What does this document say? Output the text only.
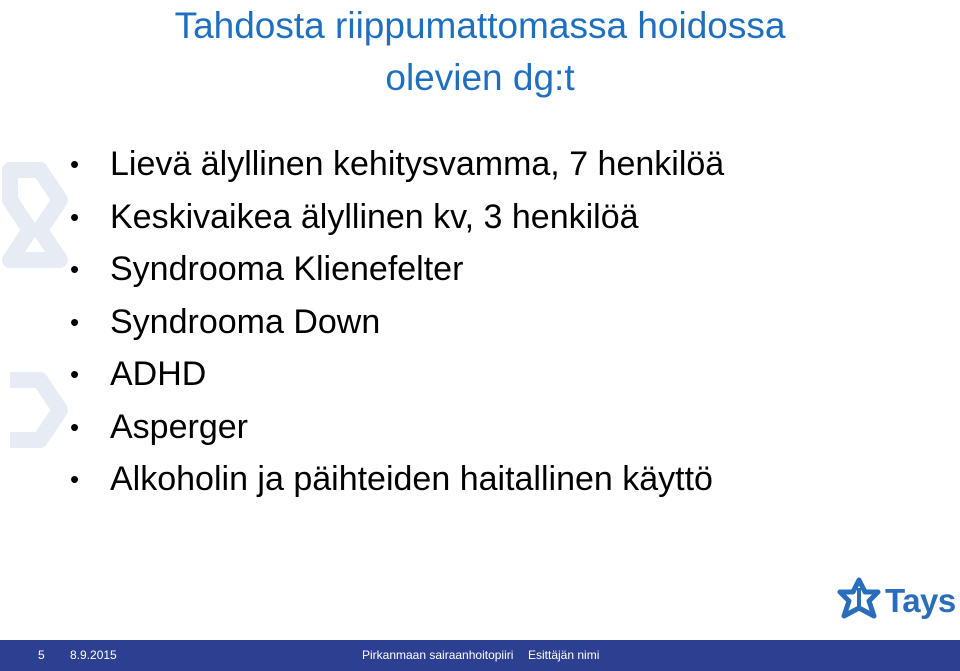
Tahdosta riippumattomassa hoidossa
olevien dg:t
• Lievä älyllinen kehitysvamma, 7 henkilöä
• Keskivaikea älyllinen kv, 3 henkilöä
• Syndrooma Klienefelter
• Syndrooma Down
• ADHD
• Asperger
• Alkoholin ja päihteiden haitallinen käyttö
Tays
5 8.9.2015	Pirkanmaan sairaanhoitopiiri Esittäjän nimi
